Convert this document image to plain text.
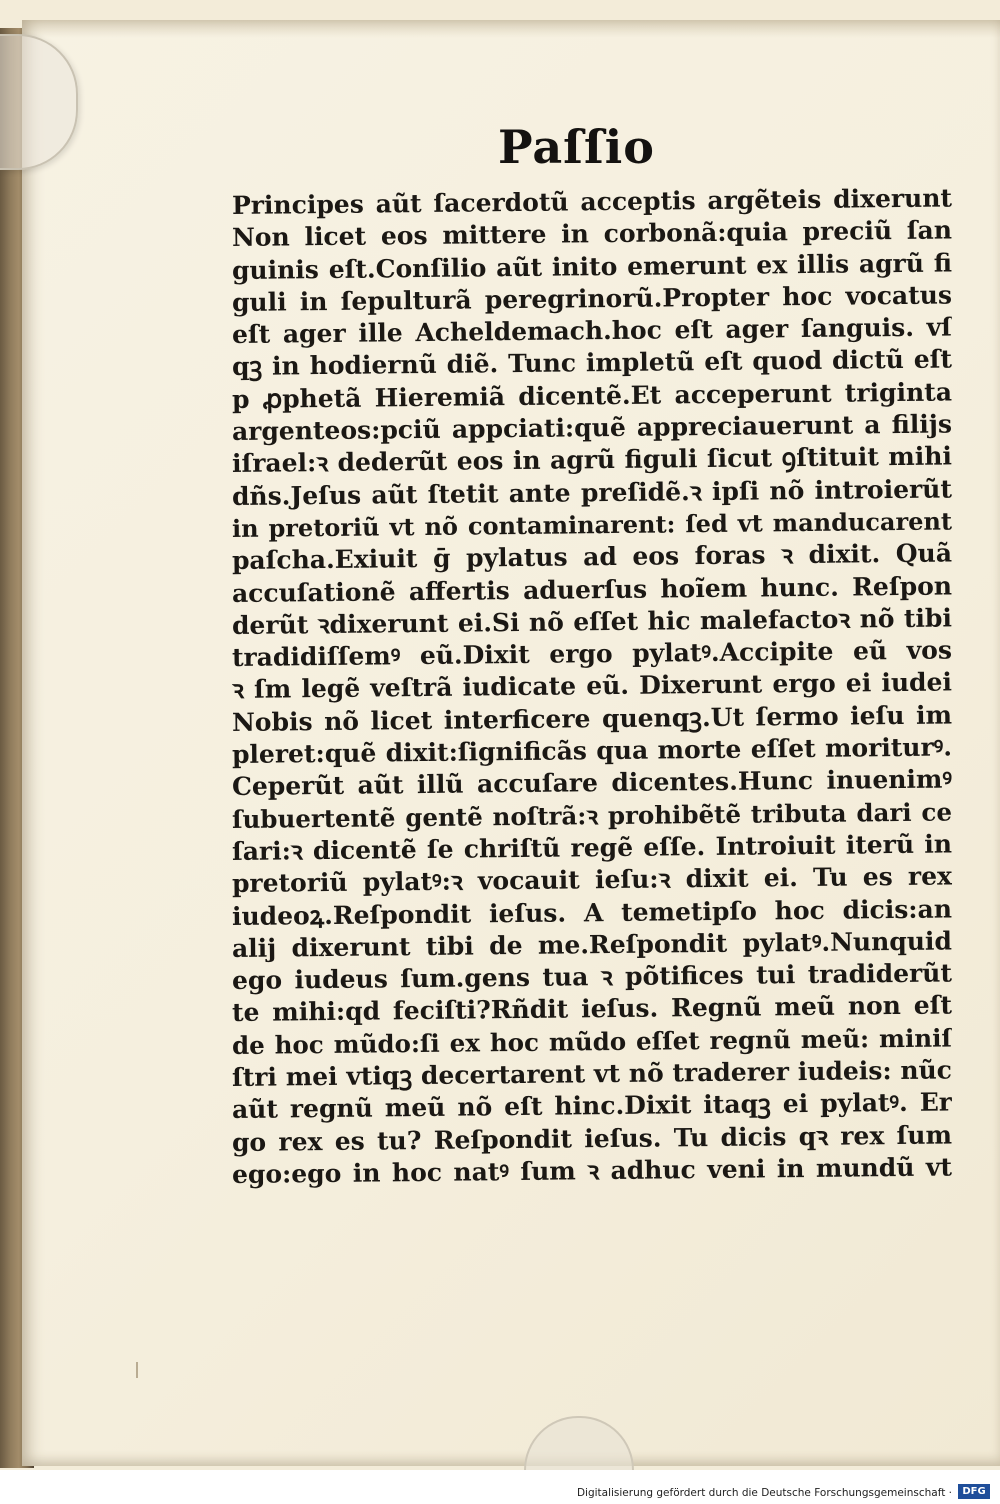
Paſſio
Principes aũt ſacerdotũ acceptis argẽteis dixerunt
Non licet eos mittere in corbonã:quia preciũ ſan
guinis eſt.Conſilio aũt inito emerunt ex illis agrũ fi
guli in ſepulturã peregrinorũ.Propter hoc vocatus
eſt ager ille Acheldemach.hoc eſt ager ſanguis. vſ
qꝫ in hodiernũ diẽ. Tunc impletũ eſt quod dictũ eſt
p ꝓphetã Hieremiã dicentẽ.Et acceperunt triginta
argenteos:pciũ appciati:quẽ appreciauerunt a filijs
iſrael:ꝛ dederũt eos in agrũ figuli ſicut ꝯſtituit mihi
dñs.Jeſus aũt ſtetit ante preſidẽ.ꝛ ipſi nõ introierũt
in pretoriũ vt nõ contaminarent: ſed vt manducarent
paſcha.Exiuit ḡ pylatus ad eos foras ꝛ dixit. Quã
accuſationẽ affertis aduerſus hoĩem hunc. Reſpon
derũt ꝛdixerunt ei.Si nõ eſſet hic malefactoꝛ nõ tibi
tradidiſſemꝰ eũ.Dixit ergo pylatꝰ.Accipite eũ vos
ꝛ ſm legẽ veſtrã iudicate eũ. Dixerunt ergo ei iudei
Nobis nõ licet interficere quenqꝫ.Ut ſermo ieſu im
pleret:quẽ dixit:ſignificãs qua morte eſſet moriturꝰ.
Ceperũt aũt illũ accuſare dicentes.Hunc inuenimꝰ
ſubuertentẽ gentẽ noſtrã:ꝛ prohibẽtẽ tributa dari ce
ſari:ꝛ dicentẽ ſe chriſtũ regẽ eſſe. Introiuit iterũ in
pretoriũ pylatꝰ:ꝛ vocauit ieſu:ꝛ dixit ei. Tu es rex
iudeoꝝ.Reſpondit ieſus. A temetipſo hoc dicis:an
alij dixerunt tibi de me.Reſpondit pylatꝰ.Nunquid
ego iudeus ſum.gens tua ꝛ põtifices tui tradiderũt
te mihi:qd feciſti?Rñdit ieſus. Regnũ meũ non eſt
de hoc mũdo:ſi ex hoc mũdo eſſet regnũ meũ: miniſ
ſtri mei vtiqꝫ decertarent vt nõ traderer iudeis: nũc
aũt regnũ meũ nõ eſt hinc.Dixit itaqꝫ ei pylatꝰ. Er
go rex es tu? Reſpondit ieſus. Tu dicis qꝛ rex ſum
ego:ego in hoc natꝰ ſum ꝛ adhuc veni in mundũ vt
Digitalisierung gefördert durch die Deutsche Forschungsgemeinschaft ·	DFG
